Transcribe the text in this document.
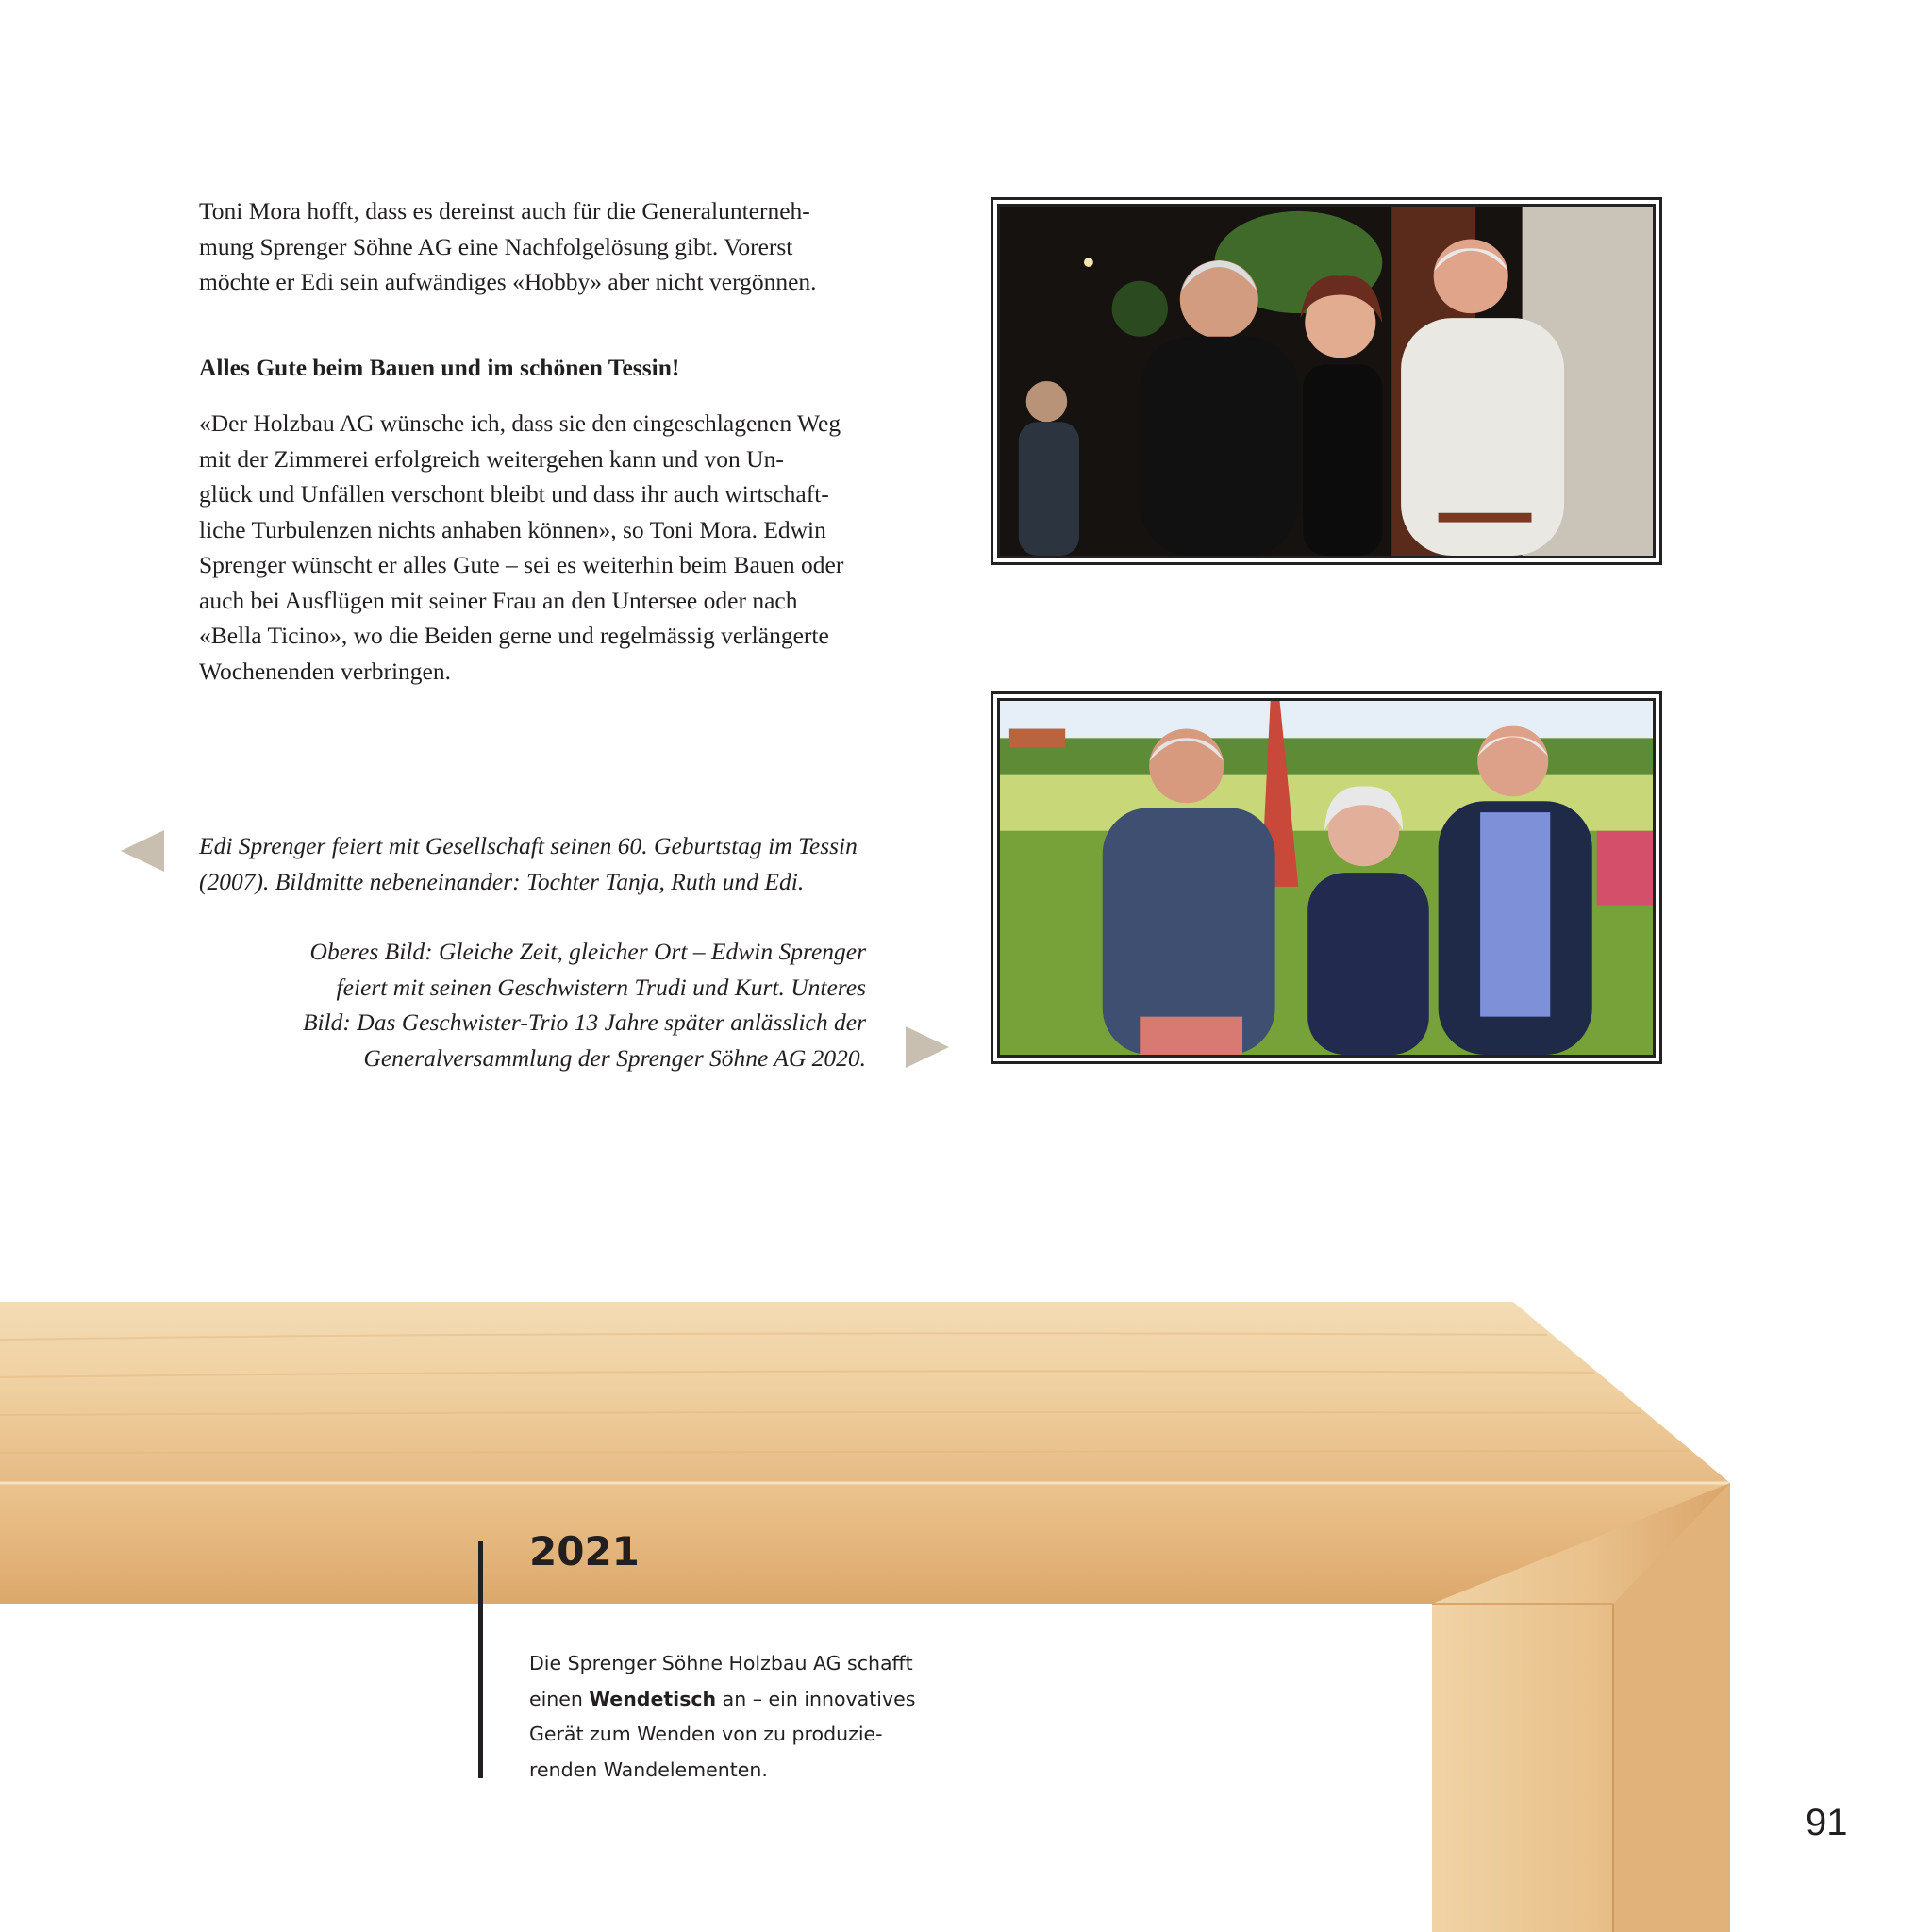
Toni Mora hofft, dass es dereinst auch für die Generalunterneh-
mung Sprenger Söhne AG eine Nachfolgelösung gibt. Vorerst
möchte er Edi sein aufwändiges «Hobby» aber nicht vergönnen.

Alles Gute beim Bauen und im schönen Tessin!

«Der Holzbau AG wünsche ich, dass sie den eingeschlagenen Weg
mit der Zimmerei erfolgreich weitergehen kann und von Un-
glück und Unfällen verschont bleibt und dass ihr auch wirtschaft-
liche Turbulenzen nichts anhaben können», so Toni Mora. Edwin
Sprenger wünscht er alles Gute – sei es weiterhin beim Bauen oder
auch bei Ausflügen mit seiner Frau an den Untersee oder nach
«Bella Ticino», wo die Beiden gerne und regelmässig verlängerte
Wochenenden verbringen.

Edi Sprenger feiert mit Gesellschaft seinen 60. Geburtstag im Tessin
(2007). Bildmitte nebeneinander: Tochter Tanja, Ruth und Edi.

Oberes Bild: Gleiche Zeit, gleicher Ort – Edwin Sprenger
feiert mit seinen Geschwistern Trudi und Kurt. Unteres
Bild: Das Geschwister-Trio 13 Jahre später anlässlich der
Generalversammlung der Sprenger Söhne AG 2020.

2021

Die Sprenger Söhne Holzbau AG schafft einen Wendetisch an – ein innovatives Gerät zum Wenden von zu produzie-renden Wandelementen.

91
